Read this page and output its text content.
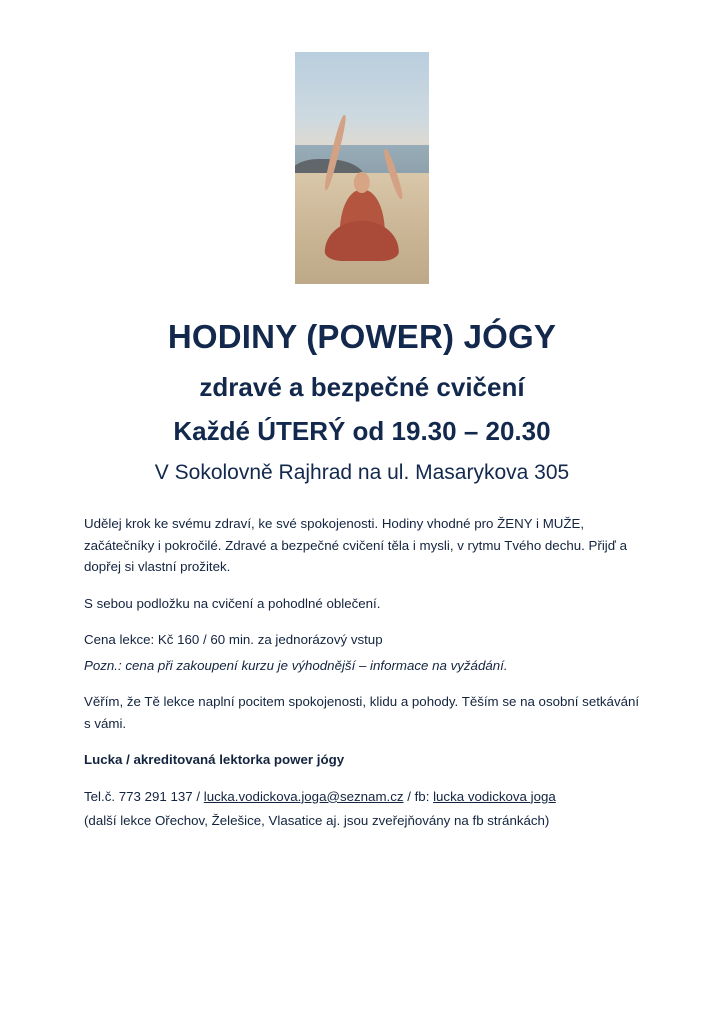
HODINY (POWER) JÓGY
zdravé a bezpečné cvičení
Každé ÚTERÝ od 19.30 – 20.30
V Sokolovně Rajhrad na ul. Masarykova 305

Udělej krok ke svému zdraví, ke své spokojenosti. Hodiny vhodné pro ŽENY i MUŽE, začátečníky i pokročilé. Zdravé a bezpečné cvičení těla i mysli, v rytmu Tvého dechu. Přijď a dopřej si vlastní prožitek.

S sebou podložku na cvičení a pohodlné oblečení.

Cena lekce: Kč 160 / 60 min. za jednorázový vstup

Pozn.: cena při zakoupení kurzu je výhodnější – informace na vyžádání.

Věřím, že Tě lekce naplní pocitem spokojenosti, klidu a pohody. Těším se na osobní setkávání s vámi.

Lucka / akreditovaná lektorka power jógy

Tel.č. 773 291 137 / lucka.vodickova.joga@seznam.cz / fb: lucka vodickova joga

(další lekce Ořechov, Želešice, Vlasatice aj. jsou zveřejňovány na fb stránkách)
